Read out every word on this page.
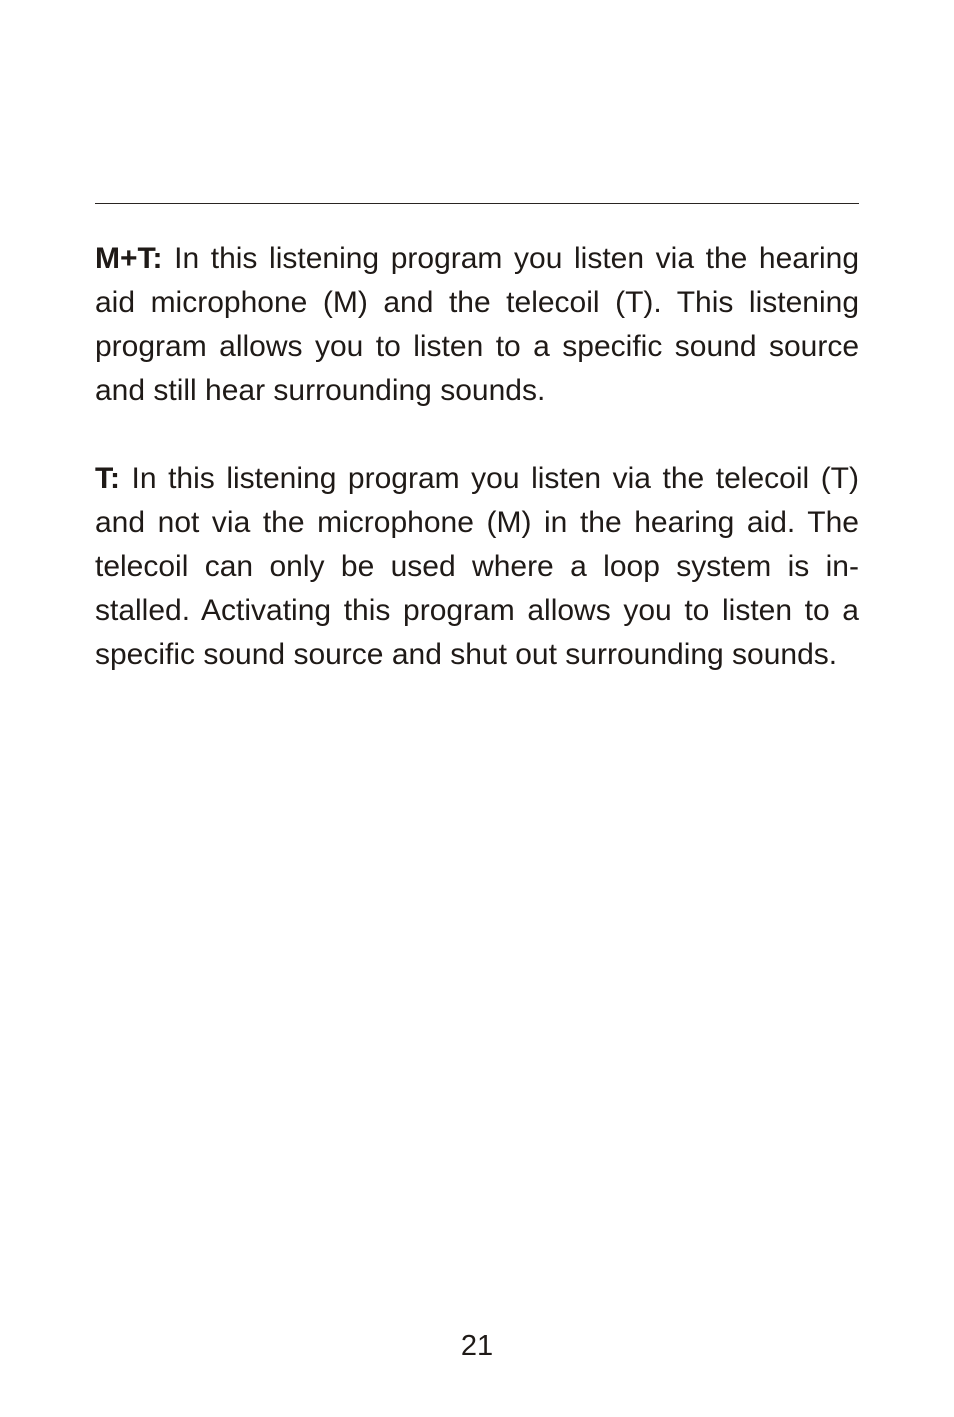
M+T: In this listening program you listen via the hearing aid microphone (M) and the telecoil (T). This listening program allows you to listen to a specific sound source and still hear surrounding sounds.

T: In this listening program you listen via the telecoil (T) and not via the microphone (M) in the hearing aid. The telecoil can only be used where a loop system is installed. Activating this program allows you to listen to a specific sound source and shut out surrounding sounds.

21
